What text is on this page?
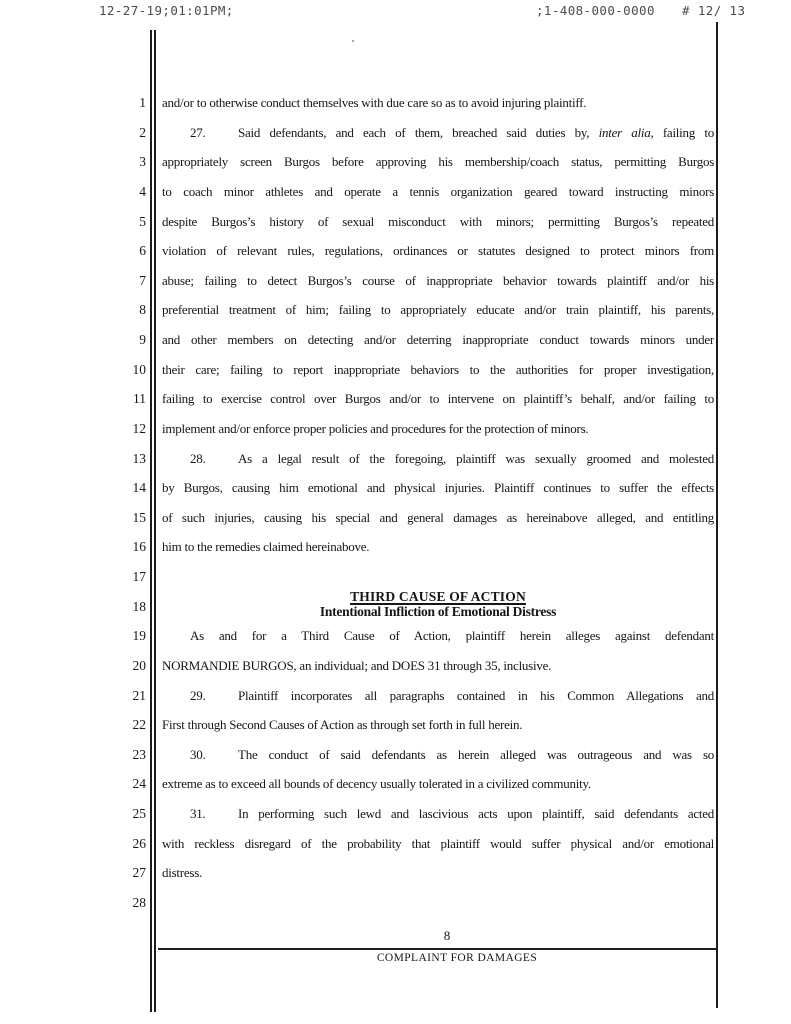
12-27-19;01:01PM;	;1-408-000-0000 # 12/ 13
1 and/or to otherwise conduct themselves with due care so as to avoid injuring plaintiff.
2	27.	Said defendants, and each of them, breached said duties by, inter alia, failing to
3 appropriately screen Burgos before approving his membership/coach status, permitting Burgos
4 to coach minor athletes and operate a tennis organization geared toward instructing minors
5 despite Burgos’s history of sexual misconduct with minors; permitting Burgos’s repeated
6 violation of relevant rules, regulations, ordinances or statutes designed to protect minors from
7 abuse; failing to detect Burgos’s course of inappropriate behavior towards plaintiff and/or his
8 preferential treatment of him; failing to appropriately educate and/or train plaintiff, his parents,
9 and other members on detecting and/or deterring inappropriate conduct towards minors under
10 their care; failing to report inappropriate behaviors to the authorities for proper investigation,
11 failing to exercise control over Burgos and/or to intervene on plaintiff’s behalf, and/or failing to
12 implement and/or enforce proper policies and procedures for the protection of minors.
13	28.	As a legal result of the foregoing, plaintiff was sexually groomed and molested
14 by Burgos, causing him emotional and physical injuries. Plaintiff continues to suffer the effects
15 of such injuries, causing his special and general damages as hereinabove alleged, and entitling
16 him to the remedies claimed hereinabove.
17
18
THIRD CAUSE OF ACTION
Intentional Infliction of Emotional Distress
19	As and for a Third Cause of Action, plaintiff herein alleges against defendant
20 NORMANDIE BURGOS, an individual; and DOES 31 through 35, inclusive.
21	29.	Plaintiff incorporates all paragraphs contained in his Common Allegations and
22 First through Second Causes of Action as through set forth in full herein.
23	30.	The conduct of said defendants as herein alleged was outrageous and was so
24 extreme as to exceed all bounds of decency usually tolerated in a civilized community.
25	31.	In performing such lewd and lascivious acts upon plaintiff, said defendants acted
26 with reckless disregard of the probability that plaintiff would suffer physical and/or emotional
27 distress.
28
8
COMPLAINT FOR DAMAGES
